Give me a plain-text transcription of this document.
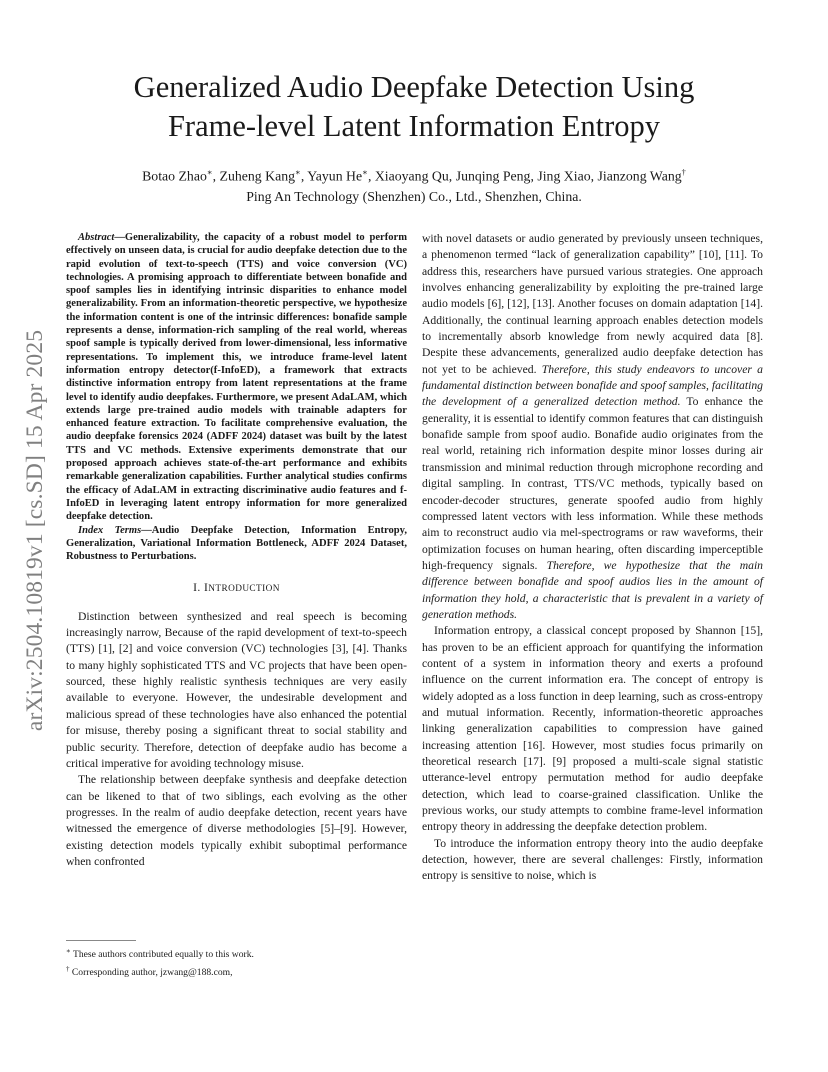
arXiv:2504.10819v1 [cs.SD] 15 Apr 2025
Generalized Audio Deepfake Detection Using
Frame-level Latent Information Entropy
Botao Zhao∗, Zuheng Kang∗, Yayun He∗, Xiaoyang Qu, Junqing Peng, Jing Xiao, Jianzong Wang†
Ping An Technology (Shenzhen) Co., Ltd., Shenzhen, China.

Abstract—Generalizability, the capacity of a robust model to perform effectively on unseen data, is crucial for audio deepfake detection due to the rapid evolution of text-to-speech (TTS) and voice conversion (VC) technologies. A promising approach to differentiate between bonafide and spoof samples lies in identifying intrinsic disparities to enhance model generalizability. From an information-theoretic perspective, we hypothesize the information content is one of the intrinsic differences: bonafide sample represents a dense, information-rich sampling of the real world, whereas spoof sample is typically derived from lower-dimensional, less informative representations. To implement this, we introduce frame-level latent information entropy detector(f-InfoED), a framework that extracts distinctive information entropy from latent representations at the frame level to identify audio deepfakes. Furthermore, we present AdaLAM, which extends large pre-trained audio models with trainable adapters for enhanced feature extraction. To facilitate comprehensive evaluation, the audio deepfake forensics 2024 (ADFF 2024) dataset was built by the latest TTS and VC methods. Extensive experiments demonstrate that our proposed approach achieves state-of-the-art performance and exhibits remarkable generalization capabilities. Further analytical studies confirms the efficacy of AdaLAM in extracting discriminative audio features and f-InfoED in leveraging latent entropy information for more generalized deepfake detection.

Index Terms—Audio Deepfake Detection, Information Entropy, Generalization, Variational Information Bottleneck, ADFF 2024 Dataset, Robustness to Perturbations.

I. INTRODUCTION

Distinction between synthesized and real speech is becoming increasingly narrow, Because of the rapid development of text-to-speech (TTS) [1], [2] and voice conversion (VC) technologies [3], [4]. Thanks to many highly sophisticated TTS and VC projects that have been open-sourced, these highly realistic synthesis techniques are very easily available to everyone. However, the undesirable development and malicious spread of these technologies have also enhanced the potential for misuse, thereby posing a significant threat to social stability and public security. Therefore, detection of deepfake audio has become a critical imperative for avoiding technology misuse.

The relationship between deepfake synthesis and deepfake detection can be likened to that of two siblings, each evolving as the other progresses. In the realm of audio deepfake detection, recent years have witnessed the emergence of diverse methodologies [5]–[9]. However, existing detection models typically exhibit suboptimal performance when confronted

with novel datasets or audio generated by previously unseen techniques, a phenomenon termed “lack of generalization capability” [10], [11]. To address this, researchers have pursued various strategies. One approach involves enhancing generalizability by exploiting the pre-trained large audio models [6], [12], [13]. Another focuses on domain adaptation [14]. Additionally, the continual learning approach enables detection models to incrementally absorb knowledge from newly acquired data [8]. Despite these advancements, generalized audio deepfake detection has not yet to be achieved. Therefore, this study endeavors to uncover a fundamental distinction between bonafide and spoof samples, facilitating the development of a generalized detection method. To enhance the generality, it is essential to identify common features that can distinguish bonafide sample from spoof audio. Bonafide audio originates from the real world, retaining rich information despite minor losses during air transmission and minimal reduction through microphone recording and digital sampling. In contrast, TTS/VC methods, typically based on encoder-decoder structures, generate spoofed audio from highly compressed latent vectors with less information. While these methods aim to reconstruct audio via mel-spectrograms or raw waveforms, their optimization focuses on human hearing, often discarding imperceptible high-frequency signals. Therefore, we hypothesize that the main difference between bonafide and spoof audios lies in the amount of information they hold, a characteristic that is prevalent in a variety of generation methods.

Information entropy, a classical concept proposed by Shannon [15], has proven to be an efficient approach for quantifying the information content of a system in information theory and exerts a profound influence on the current information era. The concept of entropy is widely adopted as a loss function in deep learning, such as cross-entropy and mutual information. Recently, information-theoretic approaches linking generalization capabilities to compression have gained increasing attention [16]. However, most studies focus primarily on theoretical research [17]. [9] proposed a multi-scale signal statistic utterance-level entropy permutation method for audio deepfake detection, which lead to coarse-grained classification. Unlike the previous works, our study attempts to combine frame-level information entropy theory in addressing the deepfake detection problem.

To introduce the information entropy theory into the audio deepfake detection, however, there are several challenges: Firstly, information entropy is sensitive to noise, which is

∗ These authors contributed equally to this work.
† Corresponding author, jzwang@188.com,
